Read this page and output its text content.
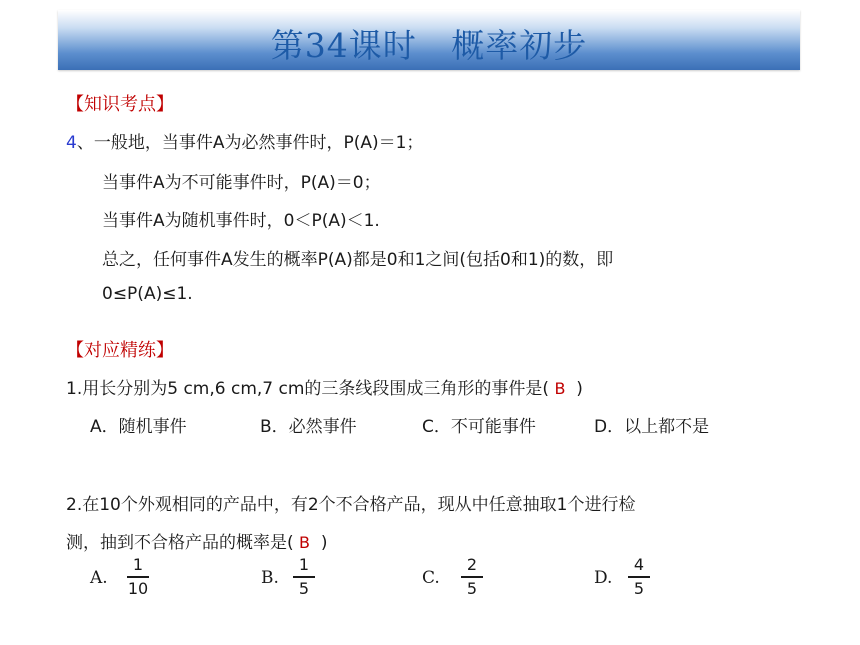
第34课时   概率初步
【知识考点】
4、一般地，当事件A为必然事件时，P(A)＝1；
当事件A为不可能事件时，P(A)＝0；
当事件A为随机事件时，0＜P(A)＜1.
总之，任何事件A发生的概率P(A)都是0和1之间(包括0和1)的数，即
0≤P(A)≤1.
【对应精练】
1.用长分别为5 cm,6 cm,7 cm的三条线段围成三角形的事件是( B )
A．随机事件	B．必然事件	C．不可能事件	D．以上都不是
2.在10个外观相同的产品中，有2个不合格产品，现从中任意抽取1个进行检
测，抽到不合格产品的概率是( B )
A.
1
10	B.
1
5	C.
2
5	D.
4
5
